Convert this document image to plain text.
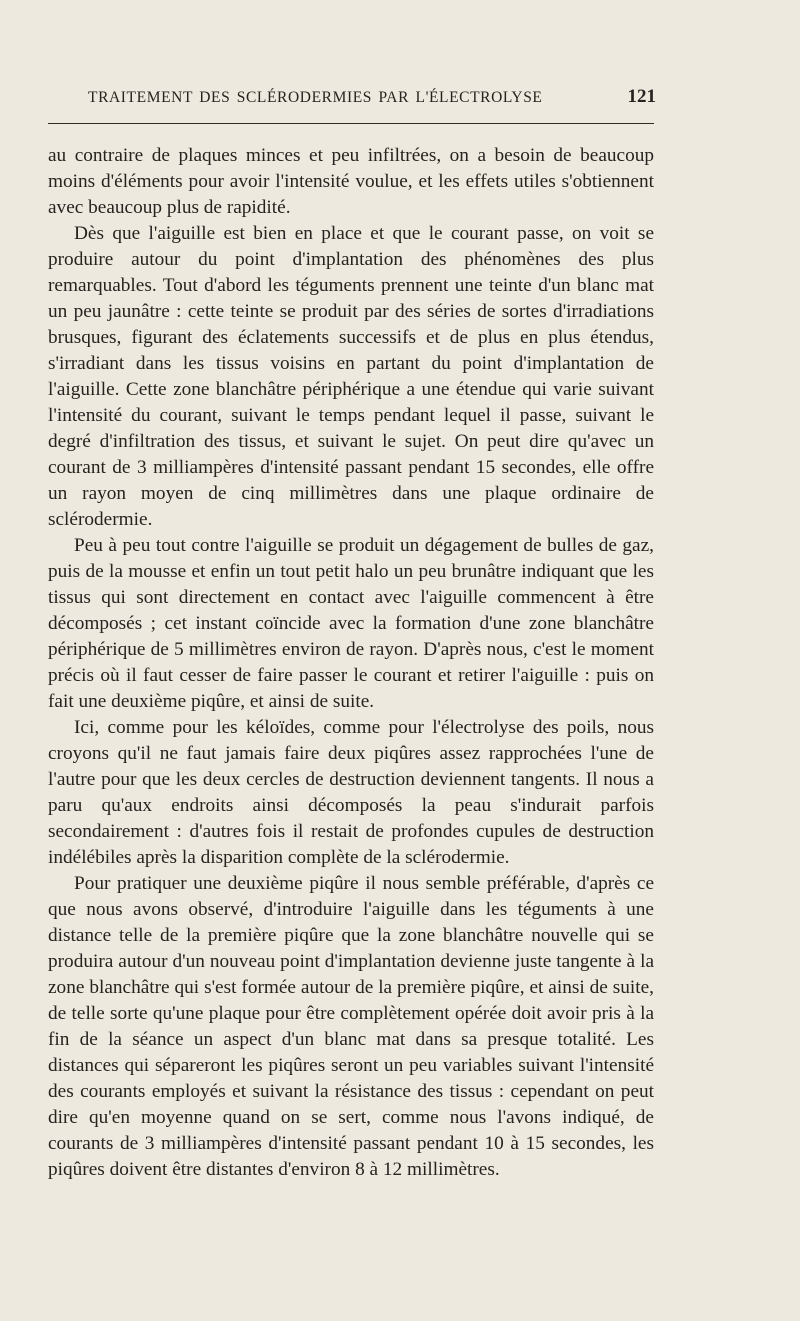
TRAITEMENT DES SCLÉRODERMIES PAR L'ÉLECTROLYSE	121

au contraire de plaques minces et peu infiltrées, on a besoin de beaucoup moins d'éléments pour avoir l'intensité voulue, et les effets utiles s'obtiennent avec beaucoup plus de rapidité.

Dès que l'aiguille est bien en place et que le courant passe, on voit se produire autour du point d'implantation des phénomènes des plus remarquables. Tout d'abord les téguments prennent une teinte d'un blanc mat un peu jaunâtre : cette teinte se produit par des séries de sortes d'irradiations brusques, figurant des éclatements successifs et de plus en plus étendus, s'irradiant dans les tissus voisins en partant du point d'implantation de l'aiguille. Cette zone blanchâtre périphérique a une étendue qui varie suivant l'intensité du courant, suivant le temps pendant lequel il passe, suivant le degré d'infiltration des tissus, et suivant le sujet. On peut dire qu'avec un courant de 3 milliampères d'intensité passant pendant 15 secondes, elle offre un rayon moyen de cinq millimètres dans une plaque ordinaire de sclérodermie.

Peu à peu tout contre l'aiguille se produit un dégagement de bulles de gaz, puis de la mousse et enfin un tout petit halo un peu brunâtre indiquant que les tissus qui sont directement en contact avec l'aiguille commencent à être décomposés ; cet instant coïncide avec la formation d'une zone blanchâtre périphérique de 5 millimètres environ de rayon. D'après nous, c'est le moment précis où il faut cesser de faire passer le courant et retirer l'aiguille : puis on fait une deuxième piqûre, et ainsi de suite.

Ici, comme pour les kéloïdes, comme pour l'électrolyse des poils, nous croyons qu'il ne faut jamais faire deux piqûres assez rapprochées l'une de l'autre pour que les deux cercles de destruction deviennent tangents. Il nous a paru qu'aux endroits ainsi décomposés la peau s'indurait parfois secondairement : d'autres fois il restait de profondes cupules de destruction indélébiles après la disparition complète de la sclérodermie.

Pour pratiquer une deuxième piqûre il nous semble préférable, d'après ce que nous avons observé, d'introduire l'aiguille dans les téguments à une distance telle de la première piqûre que la zone blanchâtre nouvelle qui se produira autour d'un nouveau point d'implantation devienne juste tangente à la zone blanchâtre qui s'est formée autour de la première piqûre, et ainsi de suite, de telle sorte qu'une plaque pour être complètement opérée doit avoir pris à la fin de la séance un aspect d'un blanc mat dans sa presque totalité. Les distances qui sépareront les piqûres seront un peu variables suivant l'intensité des courants employés et suivant la résistance des tissus : cependant on peut dire qu'en moyenne quand on se sert, comme nous l'avons indiqué, de courants de 3 milliampères d'intensité passant pendant 10 à 15 secondes, les piqûres doivent être distantes d'environ 8 à 12 millimètres.
